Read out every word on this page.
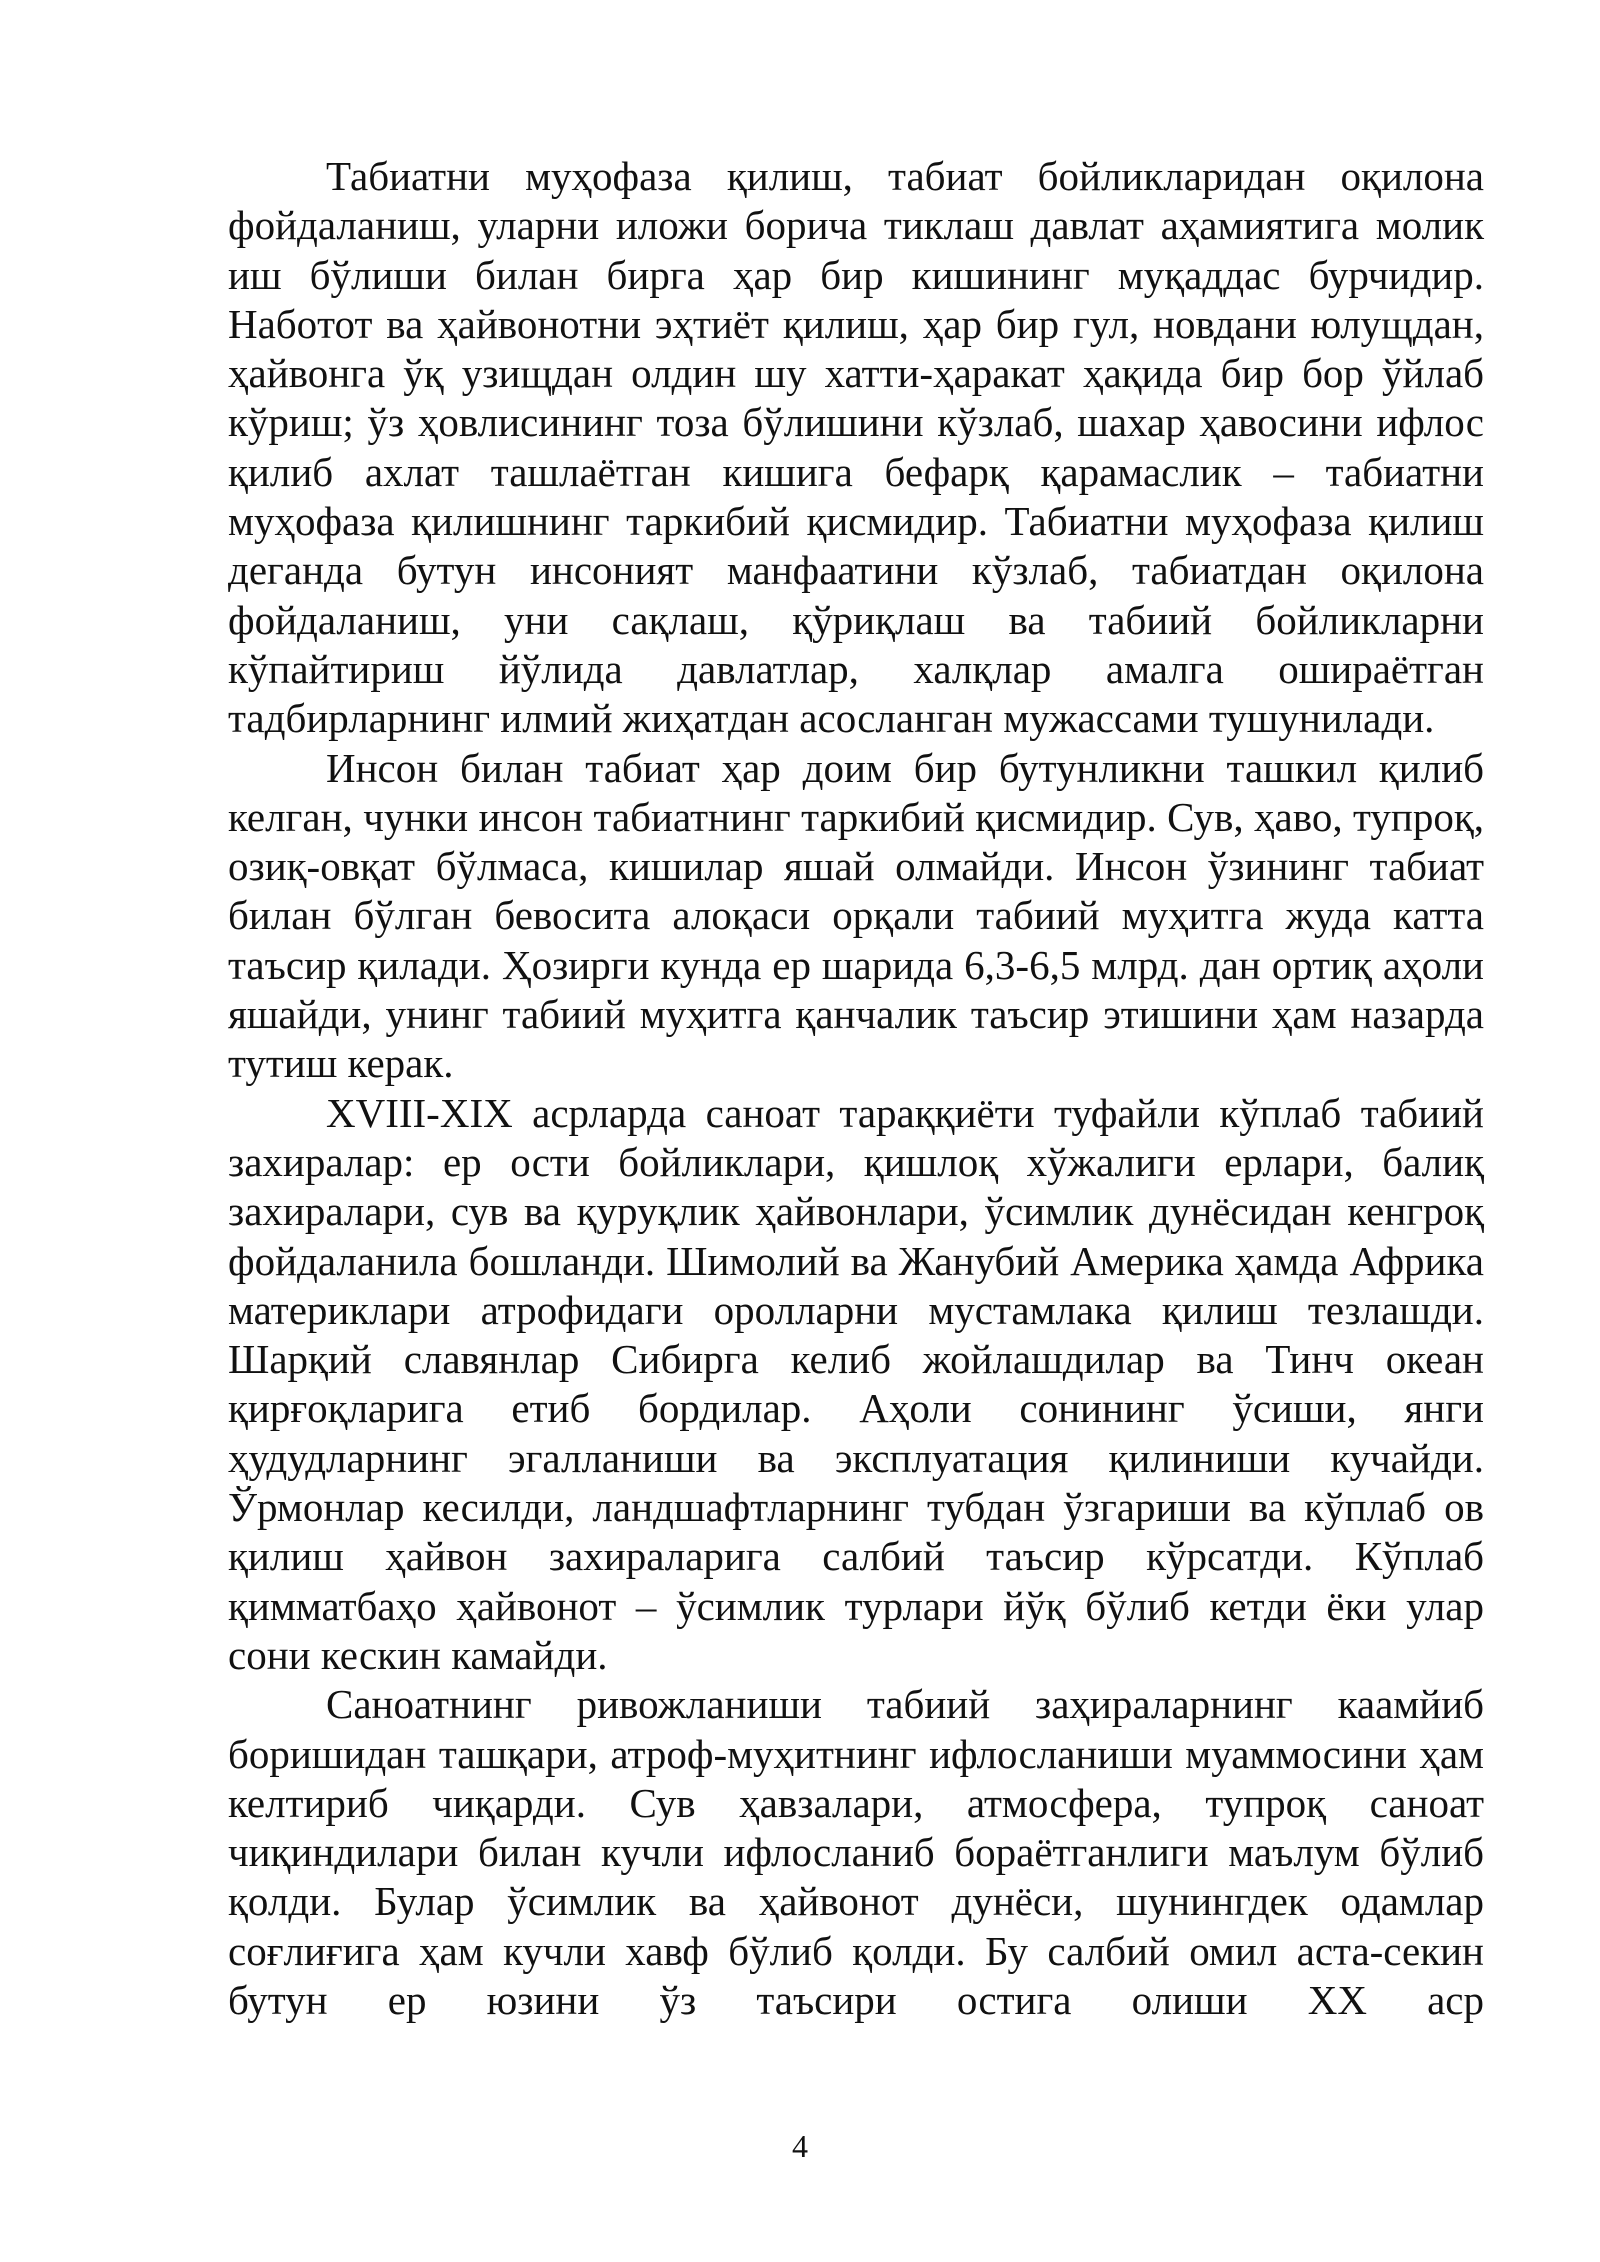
Табиатни муҳофаза қилиш, табиат бойликларидан оқилона фойдаланиш, уларни иложи борича тиклаш давлат аҳамиятига молик иш бўлиши билан бирга ҳар бир кишининг муқаддас бурчидир. Набoтот ва ҳайвонотни эҳтиёт қилиш, ҳар бир гул, новдани юлущдан, ҳайвонга ўқ узищдан олдин шу хатти-ҳаракат ҳақида бир бор ўйлаб кўриш; ўз ҳовлисининг тоза бўлишини кўзлаб, шахар ҳавосини ифлос қилиб ахлат ташлаётган кишига бефарқ қарамаслик – табиатни муҳофаза қилишнинг таркибий қисмидир. Табиатни муҳофаза қилиш деганда бутун инсоният манфаатини кўзлаб, табиатдан оқилона фойдаланиш, уни сақлаш, қўриқлаш ва табиий бойликларни кўпайтириш йўлида давлатлар, халқлар амалга ошираётган тадбирларнинг илмий жиҳатдан асосланган мужассами тушунилади.

Инсон билан табиат ҳар доим бир бутунликни ташкил қилиб келган, чунки инсон табиатнинг таркибий қисмидир. Сув, ҳаво, тупроқ, озиқ-овқат бўлмаса, кишилар яшай олмайди. Инсон ўзининг табиат билан бўлган бевосита алоқаси орқали табиий муҳитга жуда катта таъсир қилади. Ҳозирги кунда ер шарида 6,3-6,5 млрд. дан ортиқ аҳоли яшайди, унинг табиий муҳитга қанчалик таъсир этишини ҳам назарда тутиш керак.

XVIII-XIX асрларда саноат тараққиёти туфайли кўплаб табиий захиралар: ер ости бойликлари, қишлоқ хўжалиги ерлари, балиқ захиралари, сув ва қуруқлик ҳайвонлари, ўсимлик дунёсидан кенгроқ фойдаланила бошланди. Шимолий ва Жанубий Америка ҳамда Африка материклари атрофидаги оролларни мустамлака қилиш тезлашди. Шарқий славянлар Сибирга келиб жойлашдилар ва Тинч океан қирғоқларига етиб бордилар. Аҳоли сонининг ўсиши, янги ҳудудларнинг эгалланиши ва эксплуатация қилиниши кучайди. Ўрмонлар кесилди, ландшафтларнинг тубдан ўзгариши ва кўплаб ов қилиш ҳайвон захираларига салбий таъсир кўрсатди. Кўплаб қимматбаҳо ҳайвонот – ўсимлик турлари йўқ бўлиб кетди ёки улар сони кескин камайди.

Саноатнинг ривожланиши табиий заҳираларнинг каамйиб боришидан ташқари, атроф-муҳитнинг ифлосланиши муаммосини ҳам келтириб чиқарди. Сув ҳавзалари, атмосфера, тупроқ саноат чиқиндилари билан кучли ифлосланиб бораётганлиги маълум бўлиб қолди. Булар ўсимлик ва ҳайвонот дунёси, шунингдек одамлар соғлиғига ҳам кучли хавф бўлиб қолди. Бу салбий омил аста-секин бутун ер юзини ўз таъсири остига олиши XX аср

4
